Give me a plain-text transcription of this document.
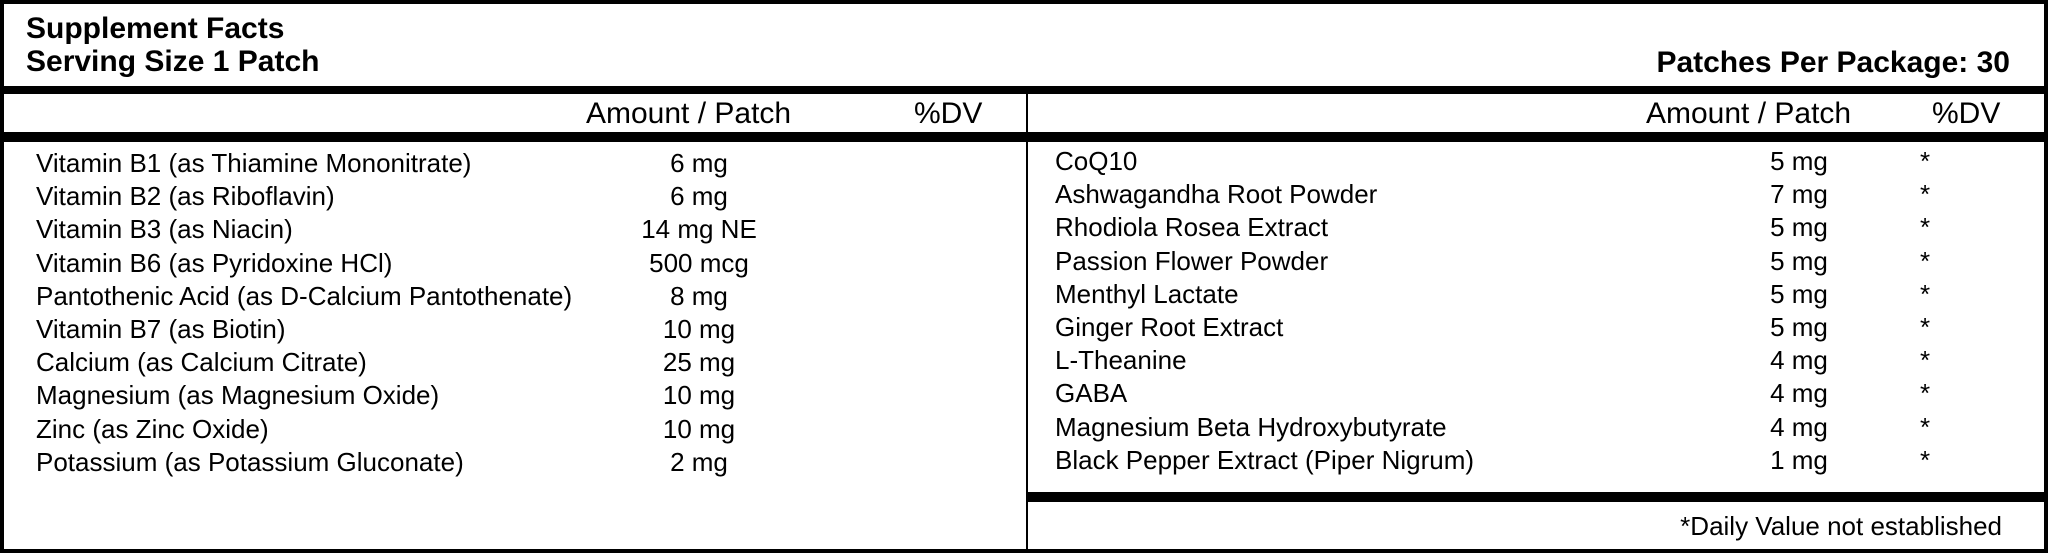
Supplement Facts
Serving Size 1 Patch	Patches Per Package: 30
Amount / Patch	%DV	Amount / Patch	%DV
Vitamin B1 (as Thiamine Mononitrate)	6 mg
Vitamin B2 (as Riboflavin)	6 mg
Vitamin B3 (as Niacin)	14 mg NE
Vitamin B6 (as Pyridoxine HCl)	500 mcg
Pantothenic Acid (as D-Calcium Pantothenate)	8 mg
Vitamin B7 (as Biotin)	10 mg
Calcium (as Calcium Citrate)	25 mg
Magnesium (as Magnesium Oxide)	10 mg
Zinc (as Zinc Oxide)	10 mg
Potassium (as Potassium Gluconate)	2 mg
CoQ10	5 mg	*
Ashwagandha Root Powder	7 mg	*
Rhodiola Rosea Extract	5 mg	*
Passion Flower Powder	5 mg	*
Menthyl Lactate	5 mg	*
Ginger Root Extract	5 mg	*
L-Theanine	4 mg	*
GABA	4 mg	*
Magnesium Beta Hydroxybutyrate	4 mg	*
Black Pepper Extract (Piper Nigrum)	1 mg	*
*Daily Value not established
